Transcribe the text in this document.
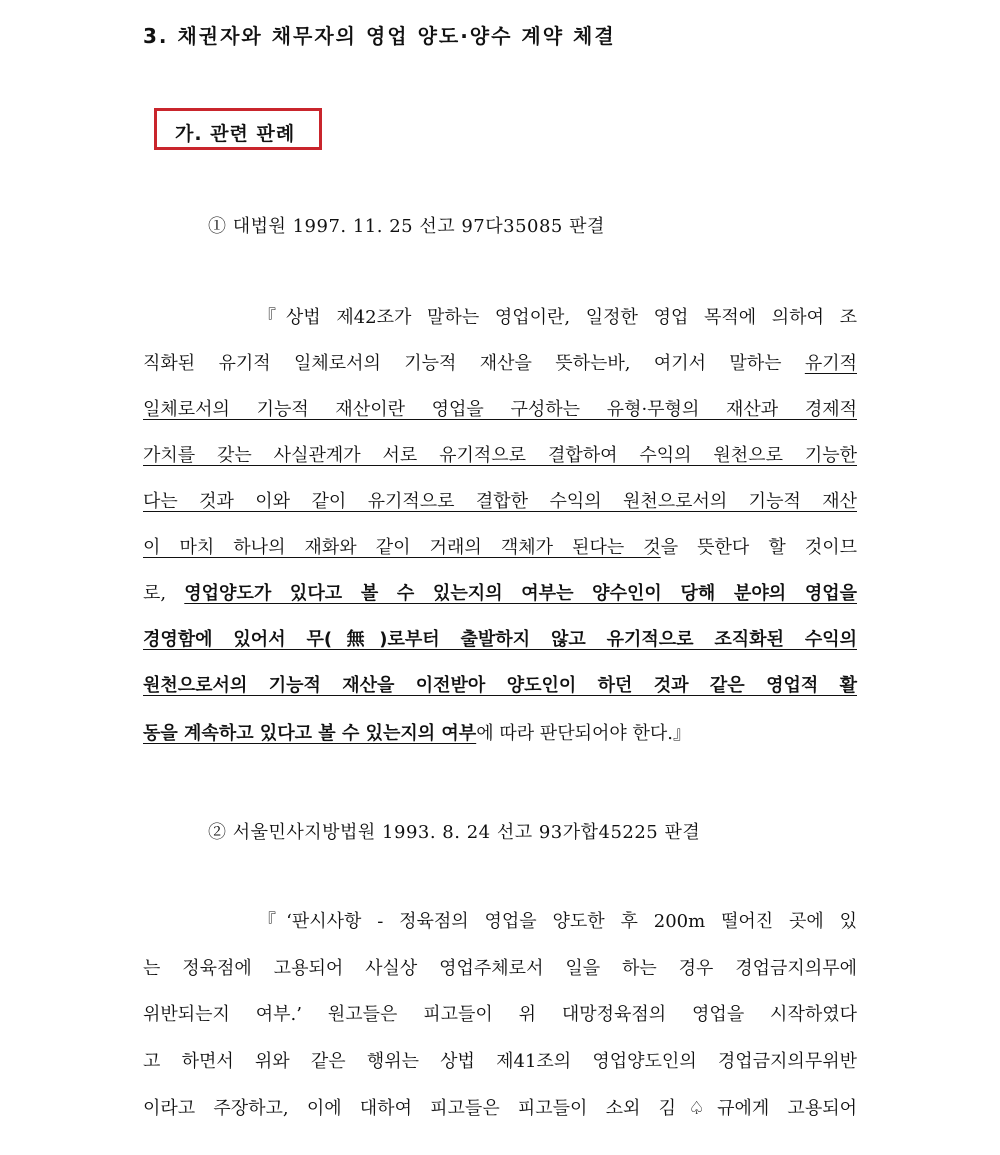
3. 채권자와 채무자의 영업 양도·양수 계약 체결
가. 관련 판례
① 대법원 1997. 11. 25 선고 97다35085 판결
『상법 제42조가 말하는 영업이란, 일정한 영업 목적에 의하여 조
직화된 유기적 일체로서의 기능적 재산을 뜻하는바, 여기서 말하는 유기적
일체로서의 기능적 재산이란 영업을 구성하는 유형·무형의 재산과 경제적
가치를 갖는 사실관계가 서로 유기적으로 결합하여 수익의 원천으로 기능한
다는 것과 이와 같이 유기적으로 결합한 수익의 원천으로서의 기능적 재산
이 마치 하나의 재화와 같이 거래의 객체가 된다는 것을 뜻한다 할 것이므
로, 영업양도가 있다고 볼 수 있는지의 여부는 양수인이 당해 분야의 영업을
경영함에 있어서 무(無)로부터 출발하지 않고 유기적으로 조직화된 수익의
원천으로서의 기능적 재산을 이전받아 양도인이 하던 것과 같은 영업적 활
동을 계속하고 있다고 볼 수 있는지의 여부에 따라 판단되어야 한다.』
② 서울민사지방법원 1993. 8. 24 선고 93가합45225 판결
『‘판시사항 - 정육점의 영업을 양도한 후 200m 떨어진 곳에 있
는 정육점에 고용되어 사실상 영업주체로서 일을 하는 경우 경업금지의무에
위반되는지 여부.’ 원고들은 피고들이 위 대망정육점의 영업을 시작하였다
고 하면서 위와 같은 행위는 상법 제41조의 영업양도인의 경업금지의무위반
이라고 주장하고, 이에 대하여 피고들은 피고들이 소외 김♤규에게 고용되어
